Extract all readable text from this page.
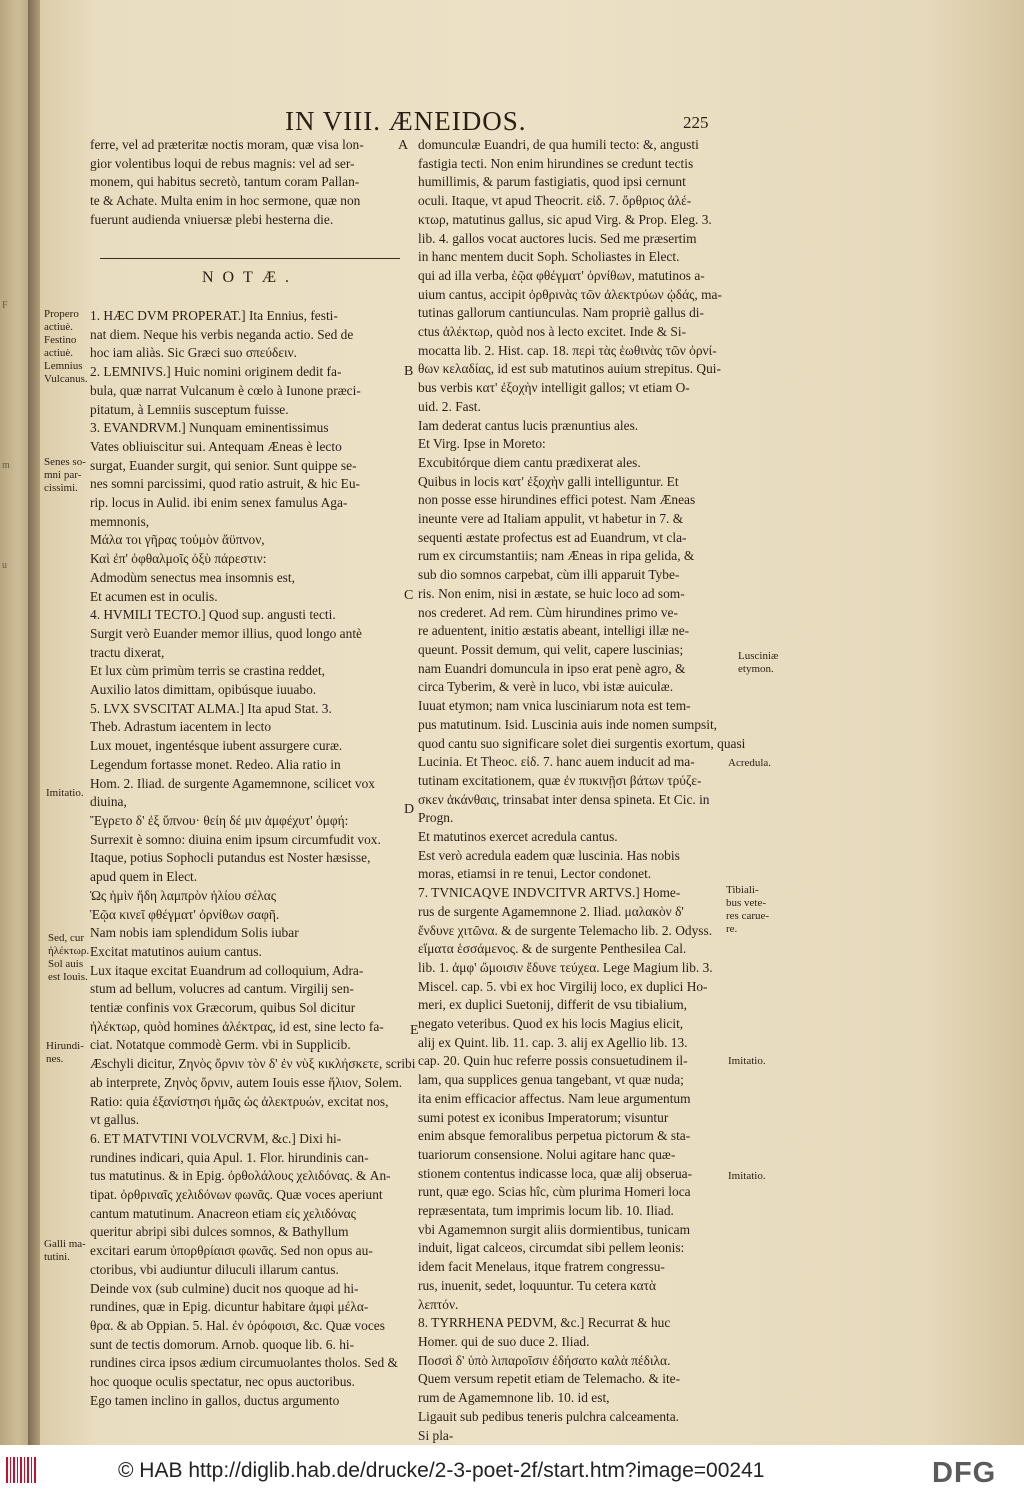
F
m
u
IN VIII. ÆNEIDOS.	225

ferre, vel ad præteritæ noctis moram, quæ visa lon-

gior volentibus loqui de rebus magnis: vel ad ser-

monem, qui habitus secretò, tantum coram Pallan-

te & Achate. Multa enim in hoc sermone, quæ non

fuerunt audienda vniuersæ plebi hesterna die.

NOTÆ.

1. HÆC DVM PROPERAT.] Ita Ennius, festi-

nat diem. Neque his verbis neganda actio. Sed de

hoc iam aliàs. Sic Græci suo σπεύδειν.

2. LEMNIVS.] Huic nomini originem dedit fa-

bula, quæ narrat Vulcanum è cœlo à Iunone præci-

pitatum, à Lemniis susceptum fuisse.

3. EVANDRVM.] Nunquam eminentissimus

Vates obliuiscitur sui. Antequam Æneas è lecto

surgat, Euander surgit, qui senior. Sunt quippe se-

nes somni parcissimi, quod ratio astruit, & hic Eu-

rip. locus in Aulid. ibi enim senex famulus Aga-

memnonis,

Μάλα τοι γῆρας τοὐμὸν ἄϋπνον,

Καὶ ἐπ' ὀφθαλμοῖς ὀξὺ πάρεστιν:

Admodùm senectus mea insomnis est,

Et acumen est in oculis.

4. HVMILI TECTO.] Quod sup. angusti tecti.

Surgit verò Euander memor illius, quod longo antè

tractu dixerat,

Et lux cùm primùm terris se crastina reddet,

Auxilio latos dimittam, opibúsque iuuabo.

5. LVX SVSCITAT ALMA.] Ita apud Stat. 3.

Theb. Adrastum iacentem in lecto

Lux mouet, ingentésque iubent assurgere curæ.

Legendum fortasse monet. Redeo. Alia ratio in

Hom. 2. Iliad. de surgente Agamemnone, scilicet vox

diuina,

Ἔγρετο δ' ἐξ ὕπνου· θείη δέ μιν ἀμφέχυτ' ὀμφή:

Surrexit è somno: diuina enim ipsum circumfudit vox.

Itaque, potius Sophocli putandus est Noster hæsisse,

apud quem in Elect.

Ὡς ἡμὶν ἤδη λαμπρὸν ἡλίου σέλας

Ἑῷα κινεῖ φθέγματ' ὀρνίθων σαφῆ.

Nam nobis iam splendidum Solis iubar

Excitat matutinos auium cantus.

Lux itaque excitat Euandrum ad colloquium, Adra-

stum ad bellum, volucres ad cantum. Virgilij sen-

tentiæ confinis vox Græcorum, quibus Sol dicitur

ἠλέκτωρ, quòd homines ἀλέκτρας, id est, sine lecto fa-

ciat. Notatque commodè Germ. vbi in Supplicib.

Æschyli dicitur, Ζηνὸς ὄρνιν τὸν δ' ἐν νὺξ κικλήσκετε, scribi

ab interprete, Ζηνὸς ὄρνιν, autem Iouis esse ἥλιον, Solem.

Ratio: quia ἐξανίστησι ἡμᾶς ὡς ἀλεκτρυών, excitat nos,

vt gallus.

6. ET MATVTINI VOLVCRVM, &c.] Dixi hi-

rundines indicari, quia Apul. 1. Flor. hirundinis can-

tus matutinus. & in Epig. ὀρθολάλους χελιδόνας. & An-

tipat. ὀρθριναῖς χελιδόνων φωνᾶς. Quæ voces aperiunt

cantum matutinum. Anacreon etiam εἰς χελιδόνας

queritur abripi sibi dulces somnos, & Bathyllum

excitari earum ὑπορθρίαισι φωνᾶς. Sed non opus au-

ctoribus, vbi audiuntur diluculi illarum cantus.

Deinde vox (sub culmine) ducit nos quoque ad hi-

rundines, quæ in Epig. dicuntur habitare ἀμφὶ μέλα-

θρα. & ab Oppian. 5. Hal. ἐν ὀρόφοισι, &c. Quæ voces

sunt de tectis domorum. Arnob. quoque lib. 6. hi-

rundines circa ipsos ædium circumuolantes tholos. Sed &

hoc quoque oculis spectatur, nec opus auctoribus.

Ego tamen inclino in gallos, ductus argumento

domunculæ Euandri, de qua humili tecto: &, angusti

fastigia tecti. Non enim hirundines se credunt tectis

humillimis, & parum fastigiatis, quod ipsi cernunt

oculi. Itaque, vt apud Theocrit. εἰδ. 7. ὄρθριος ἀλέ-

κτωρ, matutinus gallus, sic apud Virg. & Prop. Eleg. 3.

lib. 4. gallos vocat auctores lucis. Sed me præsertim

in hanc mentem ducit Soph. Scholiastes in Elect.

qui ad illa verba, ἑῷα φθέγματ' ὀρνίθων, matutinos a-

uium cantus, accipit ὀρθρινὰς τῶν ἀλεκτρύων ᾠδάς, ma-

tutinas gallorum cantiunculas. Nam propriè gallus di-

ctus ἀλέκτωρ, quòd nos à lecto excitet. Inde & Si-

mocatta lib. 2. Hist. cap. 18. περὶ τὰς ἑωθινὰς τῶν ὀρνί-

θων κελαδίας, id est sub matutinos auium strepitus. Qui-

bus verbis κατ' ἐξοχὴν intelligit gallos; vt etiam O-

uid. 2. Fast.

Iam dederat cantus lucis prænuntius ales.

Et Virg. Ipse in Moreto:

Excubitórque diem cantu prædixerat ales.

Quibus in locis κατ' ἐξοχὴν galli intelliguntur. Et

non posse esse hirundines effici potest. Nam Æneas

ineunte vere ad Italiam appulit, vt habetur in 7. &

sequenti æstate profectus est ad Euandrum, vt cla-

rum ex circumstantiis; nam Æneas in ripa gelida, &

sub dio somnos carpebat, cùm illi apparuit Tybe-

ris. Non enim, nisi in æstate, se huic loco ad som-

nos crederet. Ad rem. Cùm hirundines primo ve-

re aduentent, initio æstatis abeant, intelligi illæ ne-

queunt. Possit demum, qui velit, capere luscinias;

nam Euandri domuncula in ipso erat penè agro, &

circa Tyberim, & verè in luco, vbi istæ auiculæ.

Iuuat etymon; nam vnica lusciniarum nota est tem-

pus matutinum. Isid. Luscinia auis inde nomen sumpsit,

quod cantu suo significare solet diei surgentis exortum, quasi

Lucinia. Et Theoc. εἰδ. 7. hanc auem inducit ad ma-

tutinam excitationem, quæ ἐν πυκινῇσι βάτων τρύζε-

σκεν ἀκάνθαις, trinsabat inter densa spineta. Et Cic. in

Progn.

Et matutinos exercet acredula cantus.

Est verò acredula eadem quæ luscinia. Has nobis

moras, etiamsi in re tenui, Lector condonet.

7. TVNICAQVE INDVCITVR ARTVS.] Home-

rus de surgente Agamemnone 2. Iliad. μαλακὸν δ'

ἔνδυνε χιτῶνα. & de surgente Telemacho lib. 2. Odyss.

εἵματα ἑσσάμενος. & de surgente Penthesilea Cal.

lib. 1. ἀμφ' ὤμοισιν ἔδυνε τεύχεα. Lege Magium lib. 3.

Miscel. cap. 5. vbi ex hoc Virgilij loco, ex duplici Ho-

meri, ex duplici Suetonij, differit de vsu tibialium,

negato veteribus. Quod ex his locis Magius elicit,

alij ex Quint. lib. 11. cap. 3. alij ex Agellio lib. 13.

cap. 20. Quin huc referre possis consuetudinem il-

lam, qua supplices genua tangebant, vt quæ nuda;

ita enim efficacior affectus. Nam leue argumentum

sumi potest ex iconibus Imperatorum; visuntur

enim absque femoralibus perpetua pictorum & sta-

tuariorum consensione. Nolui agitare hanc quæ-

stionem contentus indicasse loca, quæ alij obserua-

runt, quæ ego. Scias hîc, cùm plurima Homeri loca

repræsentata, tum imprimis locum lib. 10. Iliad.

vbi Agamemnon surgit aliis dormientibus, tunicam

induit, ligat calceos, circumdat sibi pellem leonis:

idem facit Menelaus, itque fratrem congressu-

rus, inuenit, sedet, loquuntur. Tu cetera κατὰ

λεπτόν.

8. TYRRHENA PEDVM, &c.] Recurrat & huc

Homer. qui de suo duce 2. Iliad.

Ποσσὶ δ' ὑπὸ λιπαροῖσιν ἐδήσατο καλὰ πέδιλα.

Quem versum repetit etiam de Telemacho. & ite-

rum de Agamemnone lib. 10. id est,

Ligauit sub pedibus teneris pulchra calceamenta.

Si pla-

A
B
C
D
E

Propero

actiuè.

Festino

actiuè.

Lemnius

Vulcanus.

Senes so-

mni par-

cissimi.

Imitatio.

Sed, cur

ἠλέκτωρ.

Sol auis

est Iouis.

Hirundi-

nes.

Galli ma-

tutini.

Lusciniæ

etymon.

Acredula.

Tibiali-

bus vete-

res carue-

re.

Imitatio.

Imitatio.

© HAB http://diglib.hab.de/drucke/2-3-poet-2f/start.htm?image=00241	DFG
